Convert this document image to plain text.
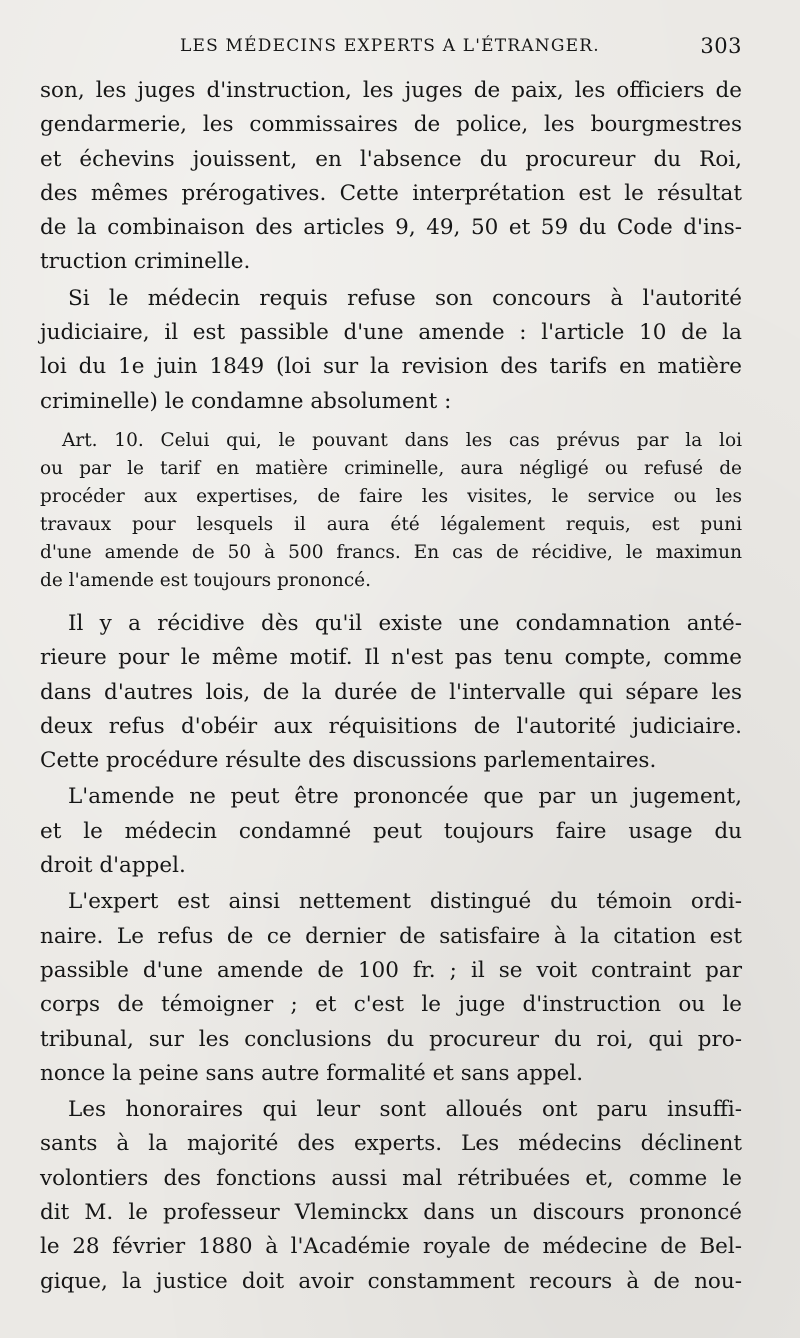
LES MÉDECINS EXPERTS A L'ÉTRANGER.	303
son, les juges d'instruction, les juges de paix, les officiers de
gendarmerie, les commissaires de police, les bourgmestres
et échevins jouissent, en l'absence du procureur du Roi,
des mêmes prérogatives. Cette interprétation est le résultat
de la combinaison des articles 9, 49, 50 et 59 du Code d'ins-
truction criminelle.
Si le médecin requis refuse son concours à l'autorité
judiciaire, il est passible d'une amende : l'article 10 de la
loi du 1e juin 1849 (loi sur la revision des tarifs en matière
criminelle) le condamne absolument :
Art. 10. Celui qui, le pouvant dans les cas prévus par la loi
ou par le tarif en matière criminelle, aura négligé ou refusé de
procéder aux expertises, de faire les visites, le service ou les
travaux pour lesquels il aura été légalement requis, est puni
d'une amende de 50 à 500 francs. En cas de récidive, le maximun
de l'amende est toujours prononcé.
Il y a récidive dès qu'il existe une condamnation anté-
rieure pour le même motif. Il n'est pas tenu compte, comme
dans d'autres lois, de la durée de l'intervalle qui sépare les
deux refus d'obéir aux réquisitions de l'autorité judiciaire.
Cette procédure résulte des discussions parlementaires.
L'amende ne peut être prononcée que par un jugement,
et le médecin condamné peut toujours faire usage du
droit d'appel.
L'expert est ainsi nettement distingué du témoin ordi-
naire. Le refus de ce dernier de satisfaire à la citation est
passible d'une amende de 100 fr. ; il se voit contraint par
corps de témoigner ; et c'est le juge d'instruction ou le
tribunal, sur les conclusions du procureur du roi, qui pro-
nonce la peine sans autre formalité et sans appel.
Les honoraires qui leur sont alloués ont paru insuffi-
sants à la majorité des experts. Les médecins déclinent
volontiers des fonctions aussi mal rétribuées et, comme le
dit M. le professeur Vleminckx dans un discours prononcé
le 28 février 1880 à l'Académie royale de médecine de Bel-
gique, la justice doit avoir constamment recours à de nou-
